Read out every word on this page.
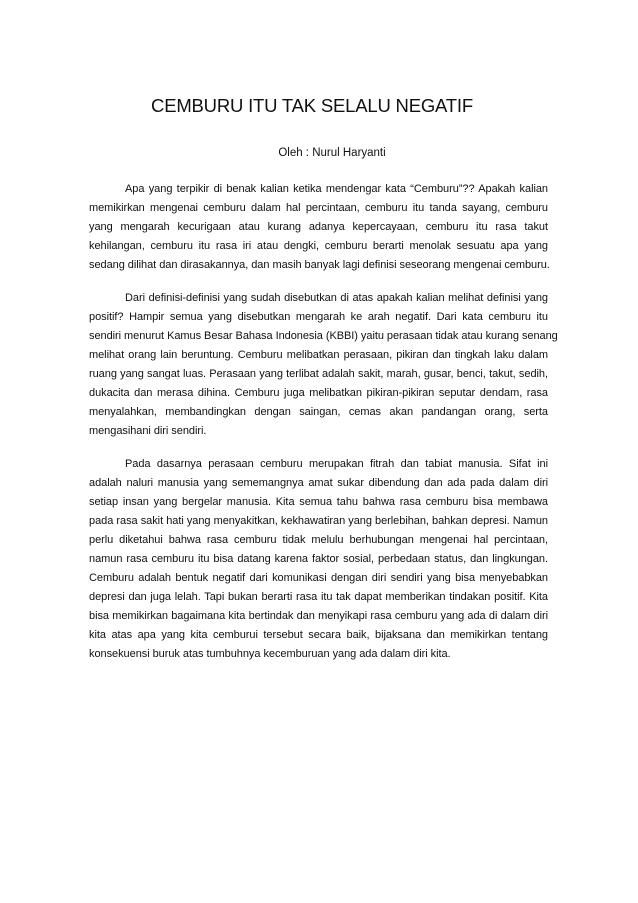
CEMBURU ITU TAK SELALU NEGATIF
Oleh : Nurul Haryanti

Apa yang terpikir di benak kalian ketika mendengar kata “Cemburu”?? Apakah kalian
memikirkan mengenai cemburu dalam hal percintaan, cemburu itu tanda sayang, cemburu
yang mengarah kecurigaan atau kurang adanya kepercayaan, cemburu itu rasa takut
kehilangan, cemburu itu rasa iri atau dengki, cemburu berarti menolak sesuatu apa yang
sedang dilihat dan dirasakannya, dan masih banyak lagi definisi seseorang mengenai cemburu.

Dari definisi-definisi yang sudah disebutkan di atas apakah kalian melihat definisi yang
positif? Hampir semua yang disebutkan mengarah ke arah negatif. Dari kata cemburu itu
sendiri menurut Kamus Besar Bahasa Indonesia (KBBI) yaitu perasaan tidak atau kurang senang
melihat orang lain beruntung. Cemburu melibatkan perasaan, pikiran dan tingkah laku dalam
ruang yang sangat luas. Perasaan yang terlibat adalah sakit, marah, gusar, benci, takut, sedih,
dukacita dan merasa dihina. Cemburu juga melibatkan pikiran-pikiran seputar dendam, rasa
menyalahkan, membandingkan dengan saingan, cemas akan pandangan orang, serta
mengasihani diri sendiri.

Pada dasarnya perasaan cemburu merupakan fitrah dan tabiat manusia. Sifat ini
adalah naluri manusia yang sememangnya amat sukar dibendung dan ada pada dalam diri
setiap insan yang bergelar manusia. Kita semua tahu bahwa rasa cemburu bisa membawa
pada rasa sakit hati yang menyakitkan, kekhawatiran yang berlebihan, bahkan depresi. Namun
perlu diketahui bahwa rasa cemburu tidak melulu berhubungan mengenai hal percintaan,
namun rasa cemburu itu bisa datang karena faktor sosial, perbedaan status, dan lingkungan.
Cemburu adalah bentuk negatif dari komunikasi dengan diri sendiri yang bisa menyebabkan
depresi dan juga lelah. Tapi bukan berarti rasa itu tak dapat memberikan tindakan positif. Kita
bisa memikirkan bagaimana kita bertindak dan menyikapi rasa cemburu yang ada di dalam diri
kita atas apa yang kita cemburui tersebut secara baik, bijaksana dan memikirkan tentang
konsekuensi buruk atas tumbuhnya kecemburuan yang ada dalam diri kita.
